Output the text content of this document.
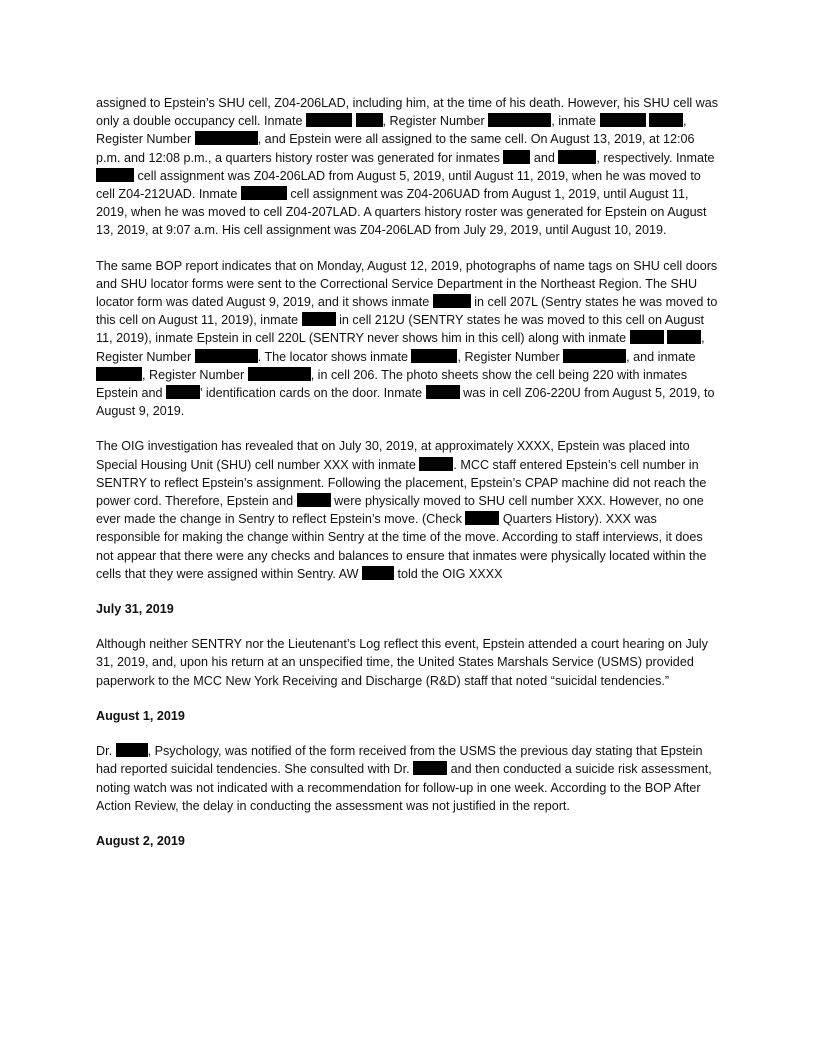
assigned to Epstein’s SHU cell, Z04-206LAD, including him, at the time of his death. However, his SHU cell was only a double occupancy cell. Inmate	, Register Number	, inmate	, Register Number	, and Epstein were all assigned to the same cell. On August 13, 2019, at 12:06 p.m. and 12:08 p.m., a quarters history roster was generated for inmates  and	, respectively. Inmate  cell assignment was Z04-206LAD from August 5, 2019, until August 11, 2019, when he was moved to cell Z04-212UAD. Inmate	cell assignment was Z04-206UAD from August 1, 2019, until August 11, 2019, when he was moved to cell Z04-207LAD. A quarters history roster was generated for Epstein on August 13, 2019, at 9:07 a.m. His cell assignment was Z04-206LAD from July 29, 2019, until August 10, 2019.

The same BOP report indicates that on Monday, August 12, 2019, photographs of name tags on SHU cell doors and SHU locator forms were sent to the Correctional Service Department in the Northeast Region. The SHU locator form was dated August 9, 2019, and it shows inmate	in cell 207L (Sentry states he was moved to this cell on August 11, 2019), inmate	in cell 212U (SENTRY states he was moved to this cell on August 11, 2019), inmate Epstein in cell 220L (SENTRY never shows him in this cell) along with inmate	, Register Number	. The locator shows inmate	, Register Number	, and inmate , Register Number	, in cell 206. The photo sheets show the cell being 220 with inmates Epstein and	’ identification cards on the door. Inmate	was in cell Z06-220U from August 5, 2019, to August 9, 2019.

The OIG investigation has revealed that on July 30, 2019, at approximately XXXX, Epstein was placed into Special Housing Unit (SHU) cell number XXX with inmate	. MCC staff entered Epstein’s cell number in SENTRY to reflect Epstein’s assignment. Following the placement, Epstein’s CPAP machine did not reach the power cord. Therefore, Epstein and	were physically moved to SHU cell number XXX. However, no one ever made the change in Sentry to reflect Epstein’s move. (Check	Quarters History). XXX was responsible for making the change within Sentry at the time of the move. According to staff interviews, it does not appear that there were any checks and balances to ensure that inmates were physically located within the cells that they were assigned within Sentry. AW	told the OIG XXXX

July 31, 2019

Although neither SENTRY nor the Lieutenant’s Log reflect this event, Epstein attended a court hearing on July 31, 2019, and, upon his return at an unspecified time, the United States Marshals Service (USMS) provided paperwork to the MCC New York Receiving and Discharge (R&D) staff that noted “suicidal tendencies.”

August 1, 2019

Dr.	, Psychology, was notified of the form received from the USMS the previous day stating that Epstein had reported suicidal tendencies. She consulted with Dr.	and then conducted a suicide risk assessment, noting watch was not indicated with a recommendation for follow-up in one week. According to the BOP After Action Review, the delay in conducting the assessment was not justified in the report.

August 2, 2019
